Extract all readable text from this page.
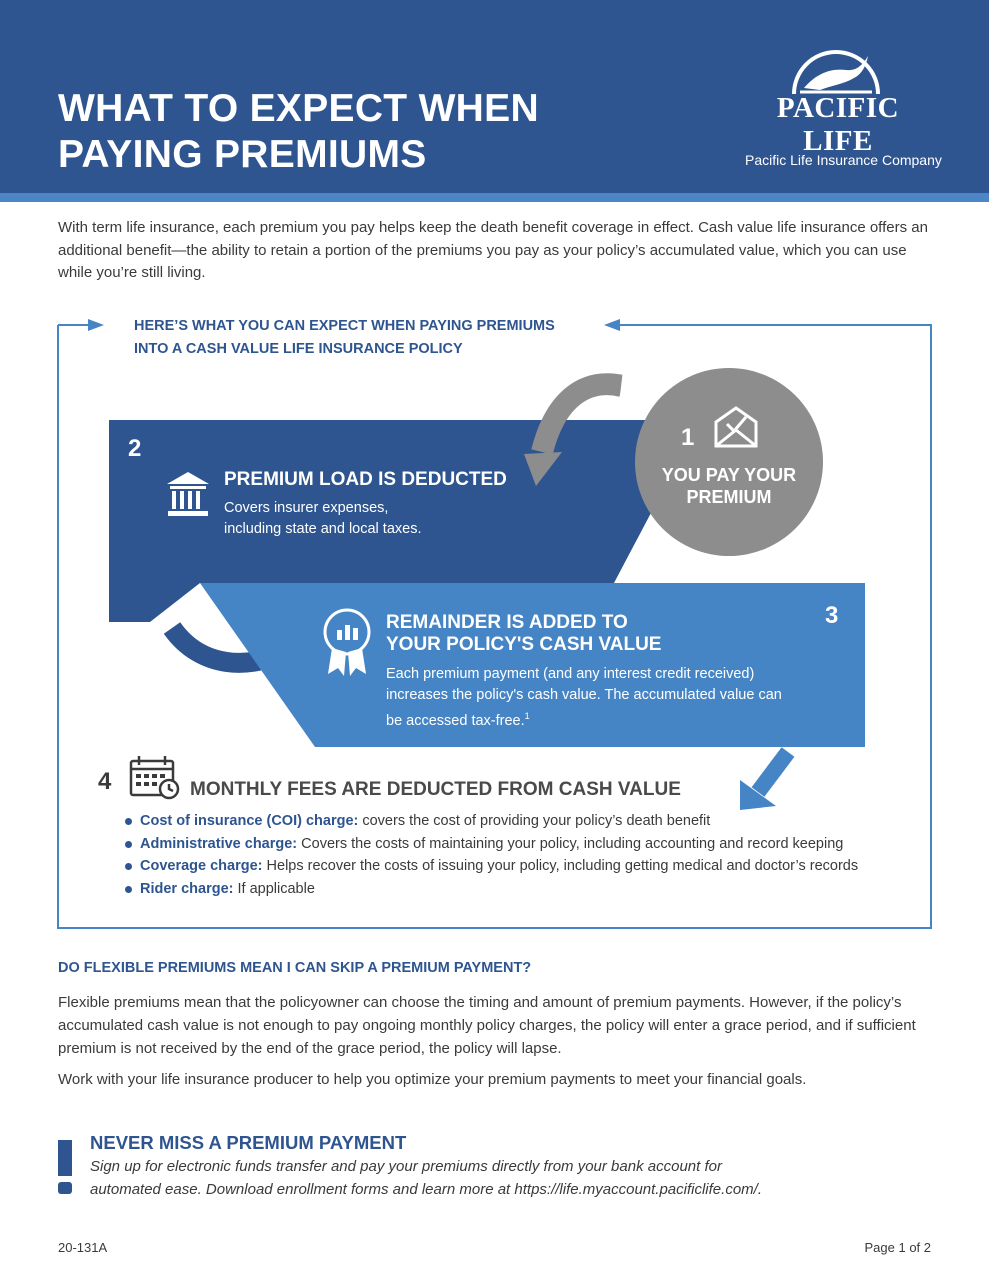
WHAT TO EXPECT WHEN
PAYING PREMIUMS
PACIFIC LIFE
Pacific Life Insurance Company
With term life insurance, each premium you pay helps keep the death benefit coverage in effect. Cash value life insurance offers an additional benefit—the ability to retain a portion of the premiums you pay as your policy’s accumulated value, which you can use while you’re still living.
HERE’S WHAT YOU CAN EXPECT WHEN PAYING PREMIUMS
INTO A CASH VALUE LIFE INSURANCE POLICY
1
YOU PAY YOUR
PREMIUM
2
PREMIUM LOAD IS DEDUCTED
Covers insurer expenses,
including state and local taxes.
3
REMAINDER IS ADDED TO
YOUR POLICY'S CASH VALUE
Each premium payment (and any interest credit received)
increases the policy's cash value. The accumulated value can
be accessed tax-free.$^1$
4	MONTHLY FEES ARE DEDUCTED FROM CASH VALUE
Cost of insurance (COI) charge: covers the cost of providing your policy’s death benefit
Administrative charge: Covers the costs of maintaining your policy, including accounting and record keeping
Coverage charge: Helps recover the costs of issuing your policy, including getting medical and doctor’s records
Rider charge: If applicable
DO FLEXIBLE PREMIUMS MEAN I CAN SKIP A PREMIUM PAYMENT?
Flexible premiums mean that the policyowner can choose the timing and amount of premium payments. However, if the policy’s accumulated cash value is not enough to pay ongoing monthly policy charges, the policy will enter a grace period, and if sufficient premium is not received by the end of the grace period, the policy will lapse.
Work with your life insurance producer to help you optimize your premium payments to meet your financial goals.
NEVER MISS A PREMIUM PAYMENT
Sign up for electronic funds transfer and pay your premiums directly from your bank account for
automated ease. Download enrollment forms and learn more at https://life.myaccount.pacificlife.com/.
20-131A	Page 1 of 2
